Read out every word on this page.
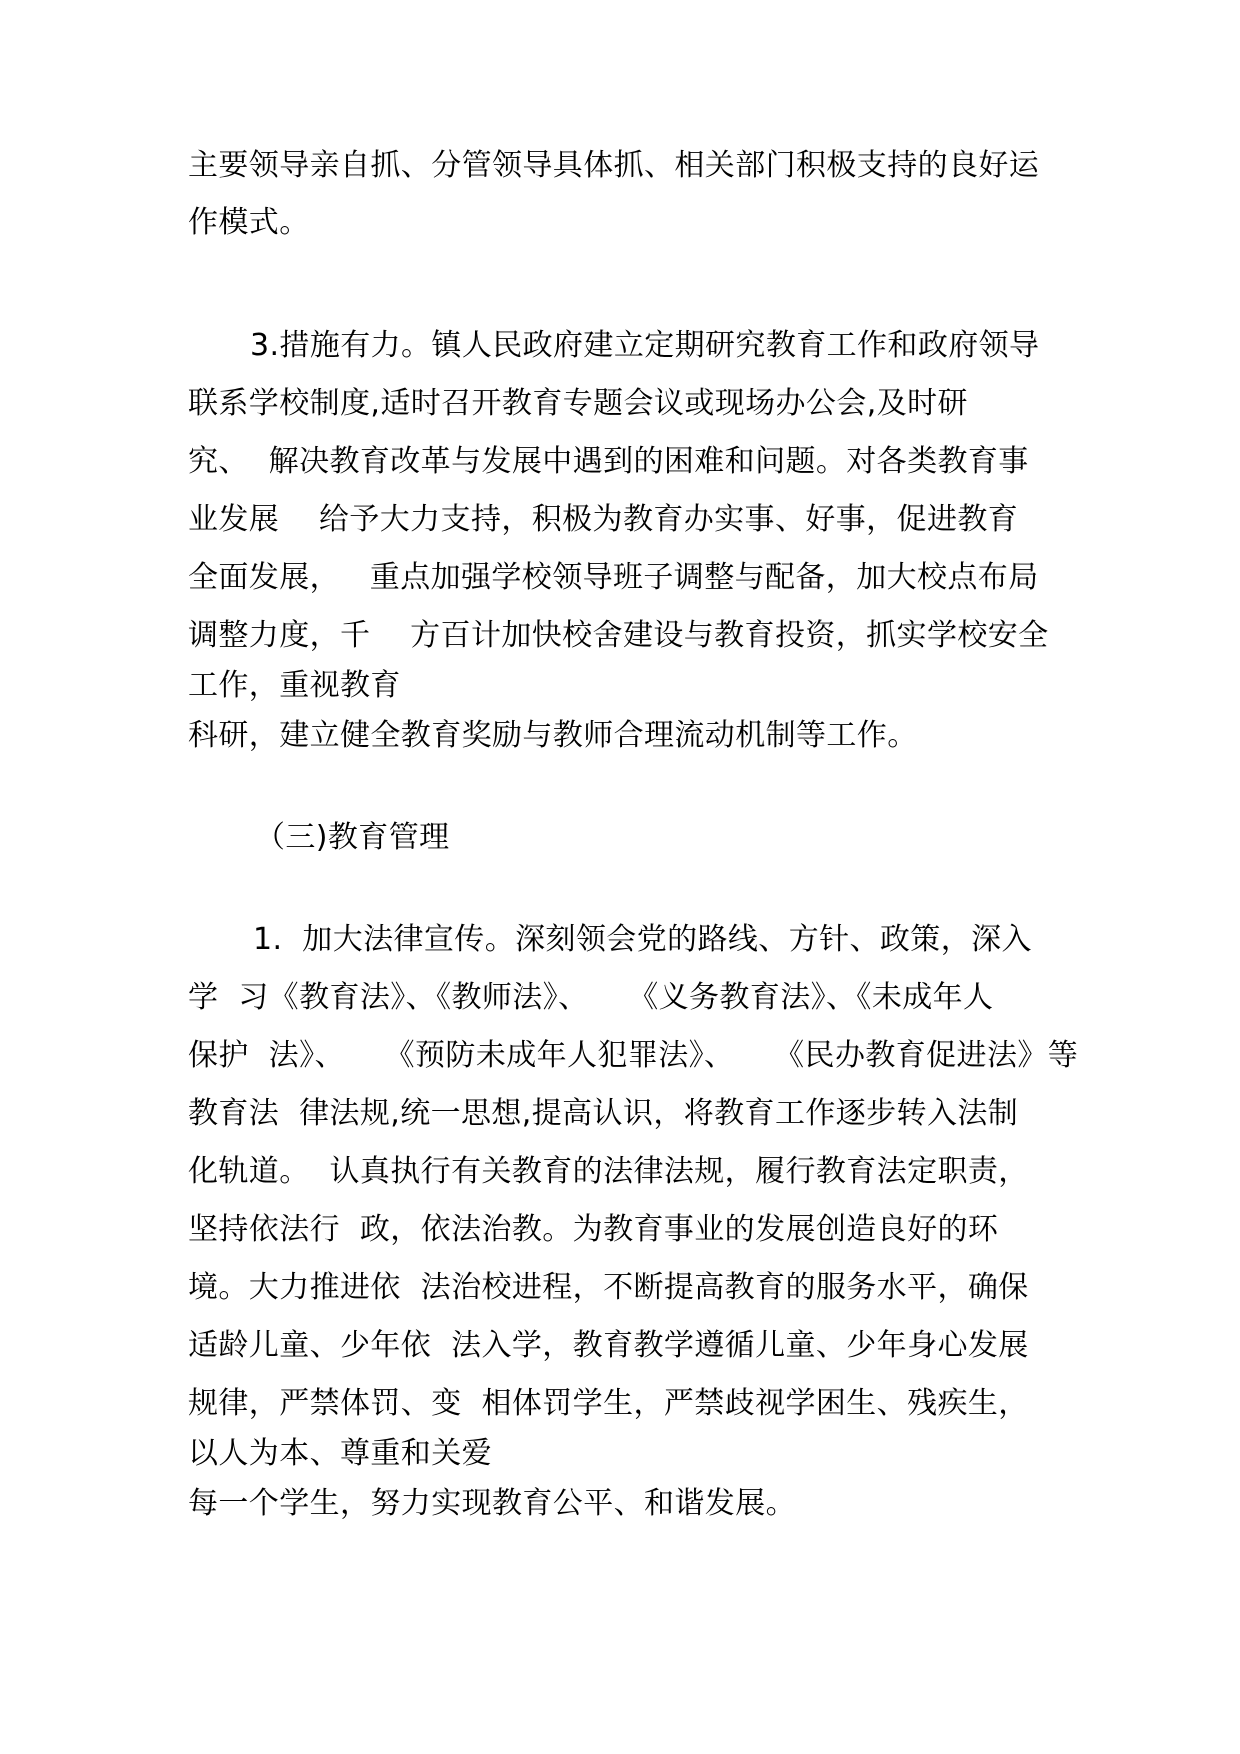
主要领导亲自抓、分管领导具体抓、相关部门积极支持的良好运
作模式。
3.措施有力。镇人民政府建立定期研究教育工作和政府领导
联系学校制度,适时召开教育专题会议或现场办公会,及时研
究、  解决教育改革与发展中遇到的困难和问题。对各类教育事
业发展    给予大力支持，积极为教育办实事、好事，促进教育
全面发展，   重点加强学校领导班子调整与配备，加大校点布局
调整力度，千    方百计加快校舍建设与教育投资，抓实学校安全
工作，重视教育
科研，建立健全教育奖励与教师合理流动机制等工作。
（三)教育管理
1.  加大法律宣传。深刻领会党的路线、方针、政策，深入
学  习《教育法》、《教师法》、    《义务教育法》、《未成年人
保护  法》、    《预防未成年人犯罪法》、    《民办教育促进法》等
教育法  律法规,统一思想,提高认识，将教育工作逐步转入法制
化轨道。  认真执行有关教育的法律法规，履行教育法定职责，
坚持依法行  政，依法治教。为教育事业的发展创造良好的环
境。大力推进依  法治校进程，不断提高教育的服务水平，确保
适龄儿童、少年依  法入学，教育教学遵循儿童、少年身心发展
规律，严禁体罚、变  相体罚学生，严禁歧视学困生、残疾生，
以人为本、尊重和关爱
每一个学生，努力实现教育公平、和谐发展。
